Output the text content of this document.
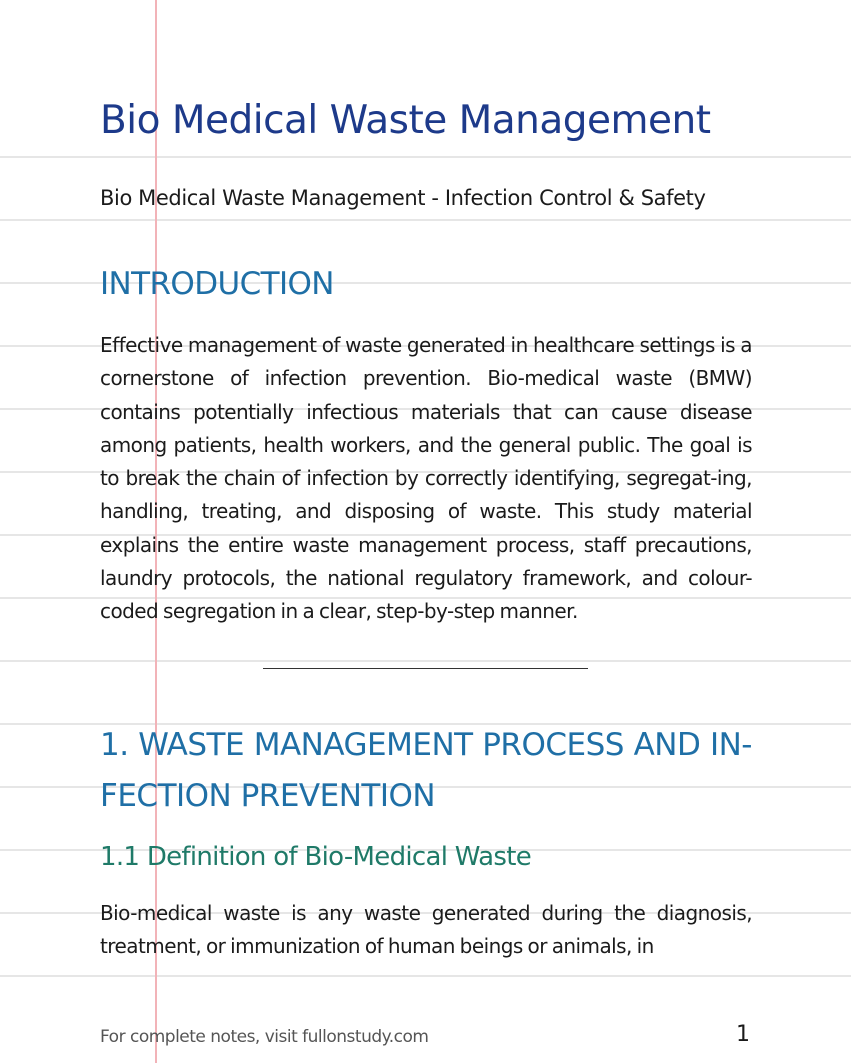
Bio Medical Waste Management

Bio Medical Waste Management - Infection Control & Safety

INTRODUCTION

Effective management of waste generated in healthcare settings is a cornerstone of infection prevention. Bio-medical waste (BMW) contains potentially infectious materials that can cause disease among patients, health workers, and the general public. The goal is to break the chain of infection by correctly identifying, segregat-ing, handling, treating, and disposing of waste. This study material explains the entire waste management process, staff precautions, laundry protocols, the national regulatory framework, and colour-coded segregation in a clear, step-by-step manner.

1. WASTE MANAGEMENT PROCESS AND IN-FECTION PREVENTION
1.1 Definition of Bio-Medical Waste

Bio-medical waste is any waste generated during the diagnosis, treatment, or immunization of human beings or animals, in

For complete notes, visit fullonstudy.com	1
